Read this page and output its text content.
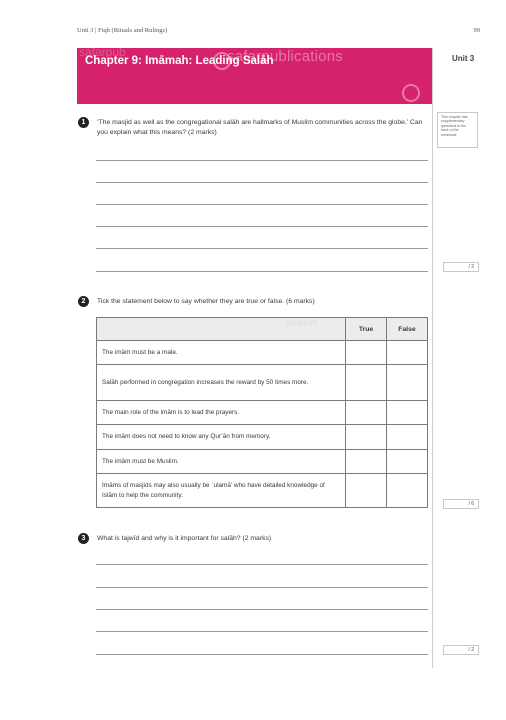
Unit 3 | Fiqh (Rituals and Rulings)	99
safarpub	safarpublications
Chapter 9: Imāmah: Leading Salāh	Unit 3
This chapter has supplementary questions in the back of the workbook
1	‘The masjid as well as the congregational salāh are hallmarks of Muslim communities across the globe.’ Can you explain what this means? (2 marks)
/ 2
2	Tick the statement below to say whether they are true or false. (6 marks)
	True	False
The imām must be a male.		
Salāh performed in congregation increases the reward by 50 times more.		
The main role of the imām is to lead the prayers.		
The imām does not need to know any Qur’ān from memory.		
The imām must be Muslim.		
Imāms of masjids may also usually be ʿulamā’ who have detailed knowledge of Islām to help the community.		
safarpub
/ 6
3	What is tajwīd and why is it important for salāh? (2 marks)
/ 2
